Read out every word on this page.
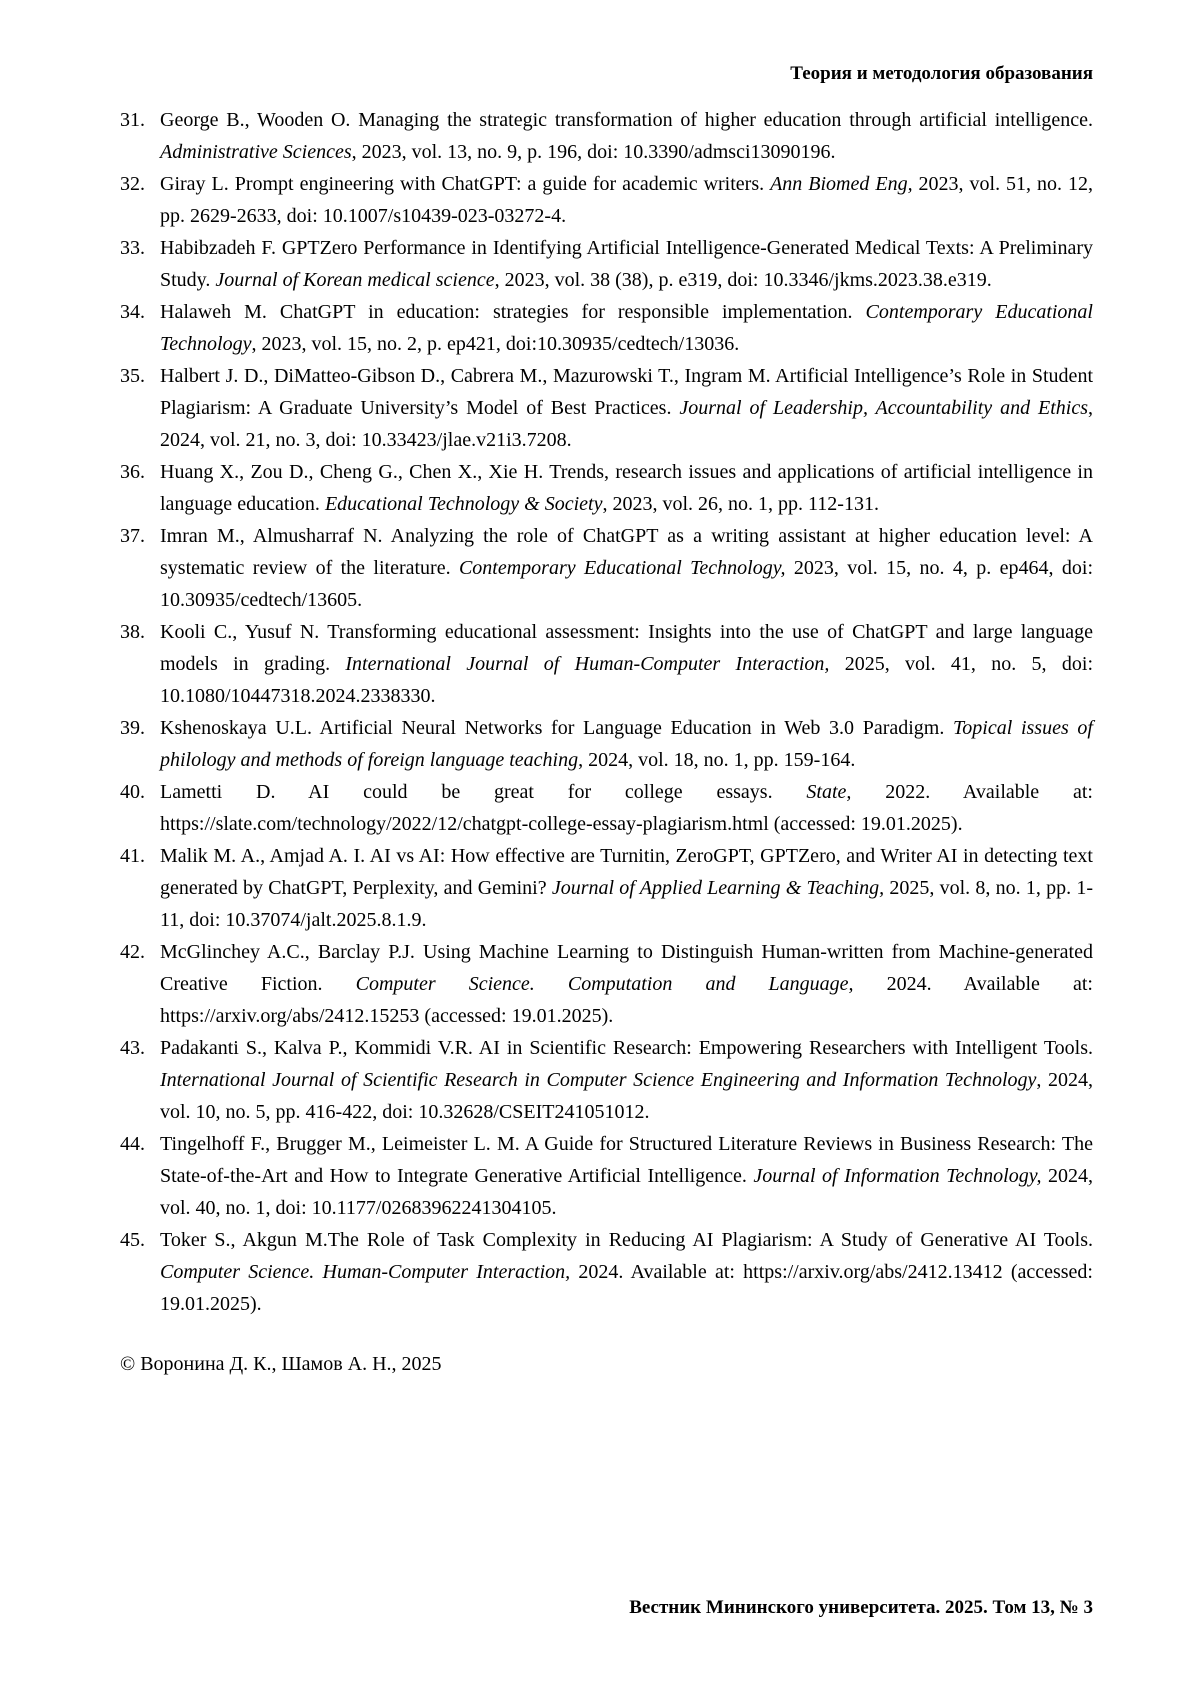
Теория и методология образования
31. George B., Wooden O. Managing the strategic transformation of higher education through artificial intelligence. Administrative Sciences, 2023, vol. 13, no. 9, p. 196, doi: 10.3390/admsci13090196.
32. Giray L. Prompt engineering with ChatGPT: a guide for academic writers. Ann Biomed Eng, 2023, vol. 51, no. 12, pp. 2629-2633, doi: 10.1007/s10439-023-03272-4.
33. Habibzadeh F. GPTZero Performance in Identifying Artificial Intelligence-Generated Medical Texts: A Preliminary Study. Journal of Korean medical science, 2023, vol. 38 (38), p. e319, doi: 10.3346/jkms.2023.38.e319.
34. Halaweh M. ChatGPT in education: strategies for responsible implementation. Contemporary Educational Technology, 2023, vol. 15, no. 2, p. ep421, doi:10.30935/cedtech/13036.
35. Halbert J. D., DiMatteo-Gibson D., Cabrera M., Mazurowski T., Ingram M. Artificial Intelligence’s Role in Student Plagiarism: A Graduate University’s Model of Best Practices. Journal of Leadership, Accountability and Ethics, 2024, vol. 21, no. 3, doi: 10.33423/jlae.v21i3.7208.
36. Huang X., Zou D., Cheng G., Chen X., Xie H. Trends, research issues and applications of artificial intelligence in language education. Educational Technology & Society, 2023, vol. 26, no. 1, pp. 112-131.
37. Imran M., Almusharraf N. Analyzing the role of ChatGPT as a writing assistant at higher education level: A systematic review of the literature. Contemporary Educational Technology, 2023, vol. 15, no. 4, p. ep464, doi: 10.30935/cedtech/13605.
38. Kooli C., Yusuf N. Transforming educational assessment: Insights into the use of ChatGPT and large language models in grading. International Journal of Human-Computer Interaction, 2025, vol. 41, no. 5, doi: 10.1080/10447318.2024.2338330.
39. Kshenoskaya U.L. Artificial Neural Networks for Language Education in Web 3.0 Paradigm. Topical issues of philology and methods of foreign language teaching, 2024, vol. 18, no. 1, pp. 159-164.
40. Lametti D. AI could be great for college essays. State, 2022. Available at: https://slate.com/technology/2022/12/chatgpt-college-essay-plagiarism.html (accessed: 19.01.2025).
41. Malik M. A., Amjad A. I. AI vs AI: How effective are Turnitin, ZeroGPT, GPTZero, and Writer AI in detecting text generated by ChatGPT, Perplexity, and Gemini? Journal of Applied Learning & Teaching, 2025, vol. 8, no. 1, pp. 1-11, doi: 10.37074/jalt.2025.8.1.9.
42. McGlinchey A.C., Barclay P.J. Using Machine Learning to Distinguish Human-written from Machine-generated Creative Fiction. Computer Science. Computation and Language, 2024. Available at: https://arxiv.org/abs/2412.15253 (accessed: 19.01.2025).
43. Padakanti S., Kalva P., Kommidi V.R. AI in Scientific Research: Empowering Researchers with Intelligent Tools. International Journal of Scientific Research in Computer Science Engineering and Information Technology, 2024, vol. 10, no. 5, pp. 416-422, doi: 10.32628/CSEIT241051012.
44. Tingelhoff F., Brugger M., Leimeister L. M. A Guide for Structured Literature Reviews in Business Research: The State-of-the-Art and How to Integrate Generative Artificial Intelligence. Journal of Information Technology, 2024, vol. 40, no. 1, doi: 10.1177/02683962241304105.
45. Toker S., Akgun M.The Role of Task Complexity in Reducing AI Plagiarism: A Study of Generative AI Tools. Computer Science. Human-Computer Interaction, 2024. Available at: https://arxiv.org/abs/2412.13412 (accessed: 19.01.2025).
© Воронина Д. К., Шамов А. Н., 2025
Вестник Мининского университета. 2025. Том 13, № 3
